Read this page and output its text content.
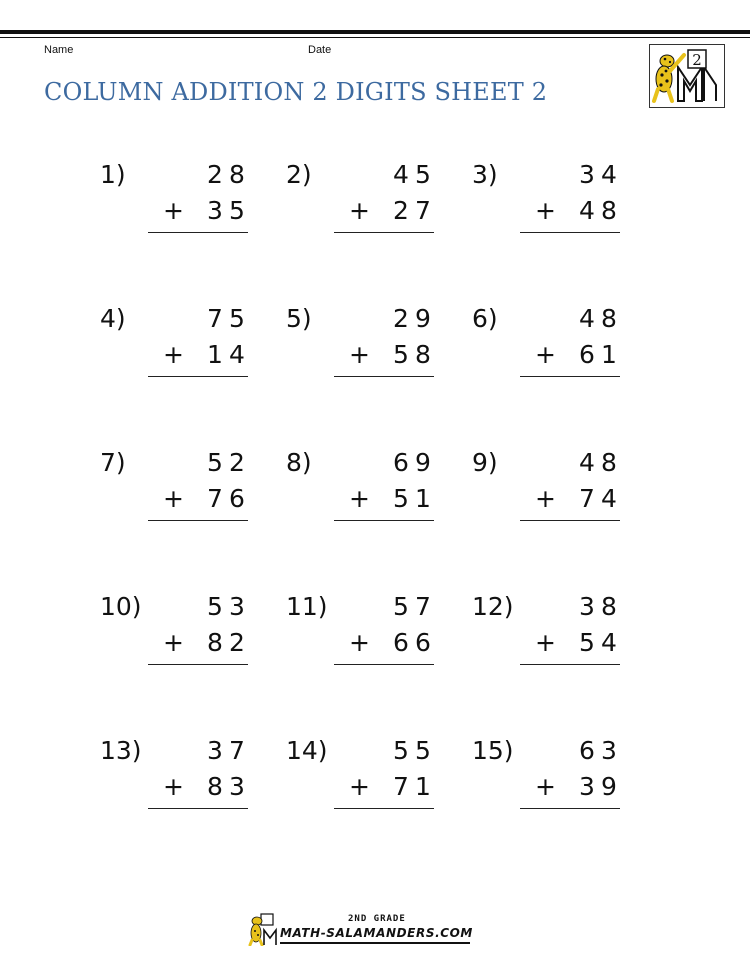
Name	Date
COLUMN ADDITION 2 DIGITS SHEET 2
2
1)	2 8
+ 3 5
2)	4 5
+ 2 7
3)	3 4
+ 4 8
4)	7 5
+ 1 4
5)	2 9
+ 5 8
6)	4 8
+ 6 1
7)	5 2
+ 7 6
8)	6 9
+ 5 1
9)	4 8
+ 7 4
10)	5 3
+ 8 2
11)	5 7
+ 6 6
12)	3 8
+ 5 4
13)	3 7
+ 8 3
14)	5 5
+ 7 1
15)	6 3
+ 3 9
2ND GRADE
MATH-SALAMANDERS.COM
